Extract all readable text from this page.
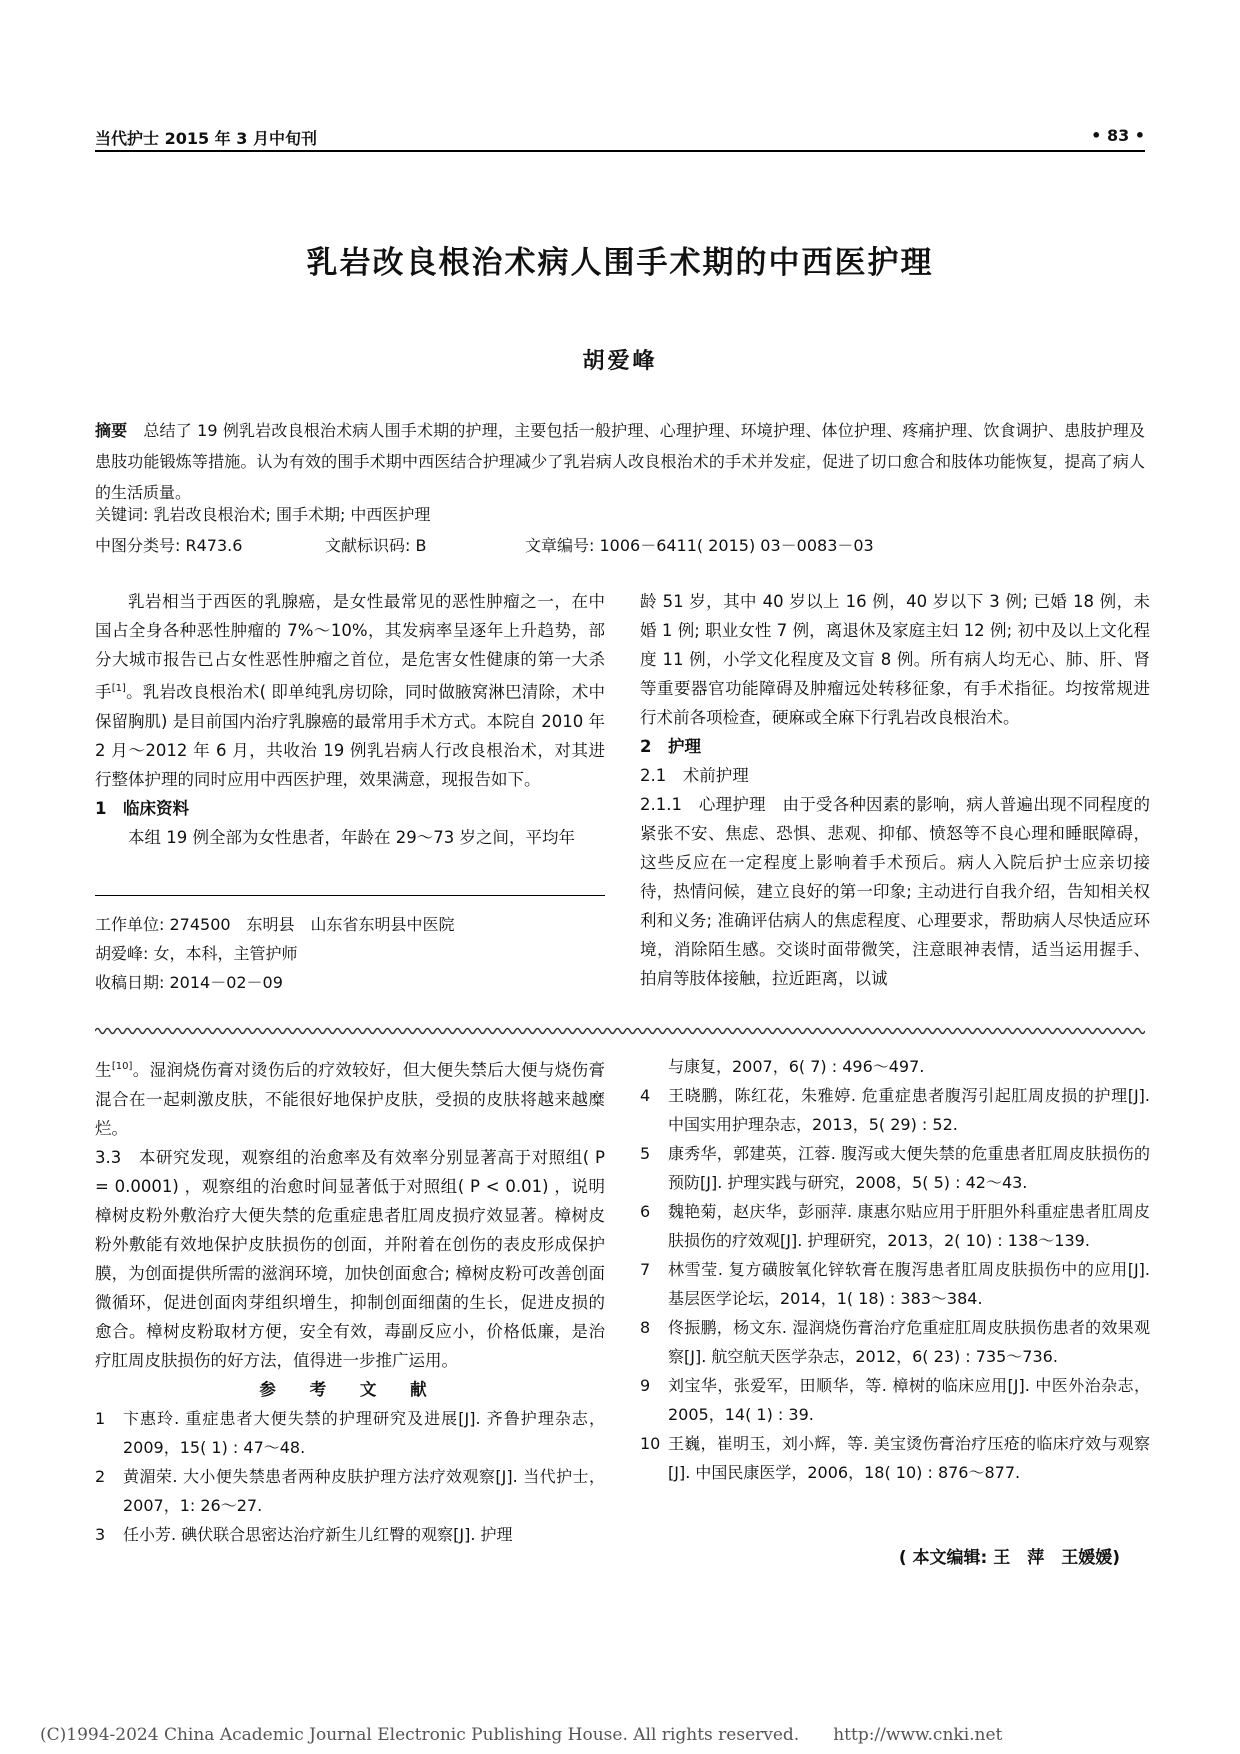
当代护士 2015 年 3 月中旬刊	• 83 •
乳岩改良根治术病人围手术期的中西医护理
胡爱峰
摘要 总结了 19 例乳岩改良根治术病人围手术期的护理，主要包括一般护理、心理护理、环境护理、体位护理、疼痛护理、饮食调护、患肢护理及患肢功能锻炼等措施。认为有效的围手术期中西医结合护理减少了乳岩病人改良根治术的手术并发症，促进了切口愈合和肢体功能恢复，提高了病人的生活质量。
关键词: 乳岩改良根治术; 围手术期; 中西医护理
中图分类号: R473.6	文献标识码: B	文章编号: 1006－6411( 2015) 03－0083－03

乳岩相当于西医的乳腺癌，是女性最常见的恶性肿瘤之一，在中国占全身各种恶性肿瘤的 7%～10%，其发病率呈逐年上升趋势，部分大城市报告已占女性恶性肿瘤之首位，是危害女性健康的第一大杀手[1]。乳岩改良根治术( 即单纯乳房切除，同时做腋窝淋巴清除，术中保留胸肌) 是目前国内治疗乳腺癌的最常用手术方式。本院自 2010 年 2 月～2012 年 6 月，共收治 19 例乳岩病人行改良根治术，对其进行整体护理的同时应用中西医护理，效果满意，现报告如下。

1　临床资料

本组 19 例全部为女性患者，年龄在 29～73 岁之间，平均年

龄 51 岁，其中 40 岁以上 16 例，40 岁以下 3 例; 已婚 18 例，未婚 1 例; 职业女性 7 例，离退休及家庭主妇 12 例; 初中及以上文化程度 11 例，小学文化程度及文盲 8 例。所有病人均无心、肺、肝、肾等重要器官功能障碍及肿瘤远处转移征象，有手术指征。均按常规进行术前各项检查，硬麻或全麻下行乳岩改良根治术。

2　护理

2.1　术前护理

2.1.1　心理护理　由于受各种因素的影响，病人普遍出现不同程度的紧张不安、焦虑、恐惧、悲观、抑郁、愤怒等不良心理和睡眠障碍，这些反应在一定程度上影响着手术预后。病人入院后护士应亲切接待，热情问候，建立良好的第一印象; 主动进行自我介绍，告知相关权利和义务; 准确评估病人的焦虑程度、心理要求，帮助病人尽快适应环境，消除陌生感。交谈时面带微笑，注意眼神表情，适当运用握手、拍肩等肢体接触，拉近距离，以诚

工作单位: 274500　东明县　山东省东明县中医院
胡爱峰: 女，本科，主管护师
收稿日期: 2014－02－09

生[10]。湿润烧伤膏对烫伤后的疗效较好，但大便失禁后大便与烧伤膏混合在一起刺激皮肤，不能很好地保护皮肤，受损的皮肤将越来越糜烂。

3.3　本研究发现，观察组的治愈率及有效率分别显著高于对照组( P = 0.0001) ，观察组的治愈时间显著低于对照组( P < 0.01) ，说明樟树皮粉外敷治疗大便失禁的危重症患者肛周皮损疗效显著。樟树皮粉外敷能有效地保护皮肤损伤的创面，并附着在创伤的表皮形成保护膜，为创面提供所需的滋润环境，加快创面愈合; 樟树皮粉可改善创面微循环，促进创面肉芽组织增生，抑制创面细菌的生长，促进皮损的愈合。樟树皮粉取材方便，安全有效，毒副反应小，价格低廉，是治疗肛周皮肤损伤的好方法，值得进一步推广运用。

参 考 文 献

1	卞惠玲. 重症患者大便失禁的护理研究及进展[J]. 齐鲁护理杂志，2009，15( 1) : 47～48.
2	黄湄荣. 大小便失禁患者两种皮肤护理方法疗效观察[J]. 当代护士，2007，1: 26～27.
3	任小芳. 碘伏联合思密达治疗新生儿红臀的观察[J]. 护理
与康复，2007，6( 7) : 496～497.
4	王晓鹏，陈红花，朱雅婷. 危重症患者腹泻引起肛周皮损的护理[J]. 中国实用护理杂志，2013，5( 29) : 52.
5	康秀华，郭建英，江蓉. 腹泻或大便失禁的危重患者肛周皮肤损伤的预防[J]. 护理实践与研究，2008，5( 5) : 42～43.
6	魏艳菊，赵庆华，彭丽萍. 康惠尔贴应用于肝胆外科重症患者肛周皮肤损伤的疗效观[J]. 护理研究，2013，2( 10) : 138～139.
7	林雪莹. 复方磺胺氧化锌软膏在腹泻患者肛周皮肤损伤中的应用[J]. 基层医学论坛，2014，1( 18) : 383～384.
8	佟振鹏，杨文东. 湿润烧伤膏治疗危重症肛周皮肤损伤患者的效果观察[J]. 航空航天医学杂志，2012，6( 23) : 735～736.
9	刘宝华，张爱军，田顺华，等. 樟树的临床应用[J]. 中医外治杂志，2005，14( 1) : 39.
10 王巍，崔明玉，刘小辉，等. 美宝烫伤膏治疗压疮的临床疗效与观察[J]. 中国民康医学，2006，18( 10) : 876～877.
( 本文编辑: 王　萍　王媛媛)
(C)1994-2024 China Academic Journal Electronic Publishing House. All rights reserved.　　http://www.cnki.net
